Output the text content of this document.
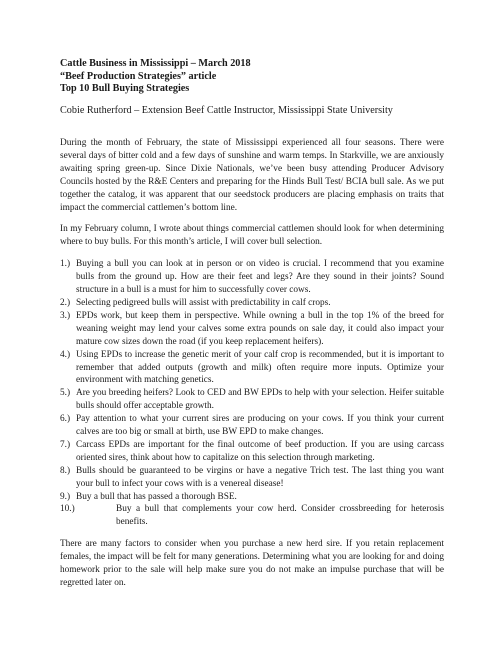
Cattle Business in Mississippi – March 2018
“Beef Production Strategies” article
Top 10 Bull Buying Strategies
Cobie Rutherford – Extension Beef Cattle Instructor, Mississippi State University

During the month of February, the state of Mississippi experienced all four seasons. There were several days of bitter cold and a few days of sunshine and warm temps. In Starkville, we are anxiously awaiting spring green-up. Since Dixie Nationals, we’ve been busy attending Producer Advisory Councils hosted by the R&E Centers and preparing for the Hinds Bull Test/ BCIA bull sale. As we put together the catalog, it was apparent that our seedstock producers are placing emphasis on traits that impact the commercial cattlemen’s bottom line.

In my February column, I wrote about things commercial cattlemen should look for when determining where to buy bulls. For this month’s article, I will cover bull selection.

1.) Buying a bull you can look at in person or on video is crucial. I recommend that you examine bulls from the ground up. How are their feet and legs? Are they sound in their joints? Sound structure in a bull is a must for him to successfully cover cows.
2.) Selecting pedigreed bulls will assist with predictability in calf crops.
3.) EPDs work, but keep them in perspective. While owning a bull in the top 1% of the breed for weaning weight may lend your calves some extra pounds on sale day, it could also impact your mature cow sizes down the road (if you keep replacement heifers).
4.) Using EPDs to increase the genetic merit of your calf crop is recommended, but it is important to remember that added outputs (growth and milk) often require more inputs. Optimize your environment with matching genetics.
5.) Are you breeding heifers? Look to CED and BW EPDs to help with your selection. Heifer suitable bulls should offer acceptable growth.
6.) Pay attention to what your current sires are producing on your cows. If you think your current calves are too big or small at birth, use BW EPD to make changes.
7.) Carcass EPDs are important for the final outcome of beef production. If you are using carcass oriented sires, think about how to capitalize on this selection through marketing.
8.) Bulls should be guaranteed to be virgins or have a negative Trich test. The last thing you want your bull to infect your cows with is a venereal disease!
9.) Buy a bull that has passed a thorough BSE.
10.)	Buy a bull that complements your cow herd. Consider crossbreeding for heterosis benefits.

There are many factors to consider when you purchase a new herd sire. If you retain replacement females, the impact will be felt for many generations. Determining what you are looking for and doing homework prior to the sale will help make sure you do not make an impulse purchase that will be regretted later on.
